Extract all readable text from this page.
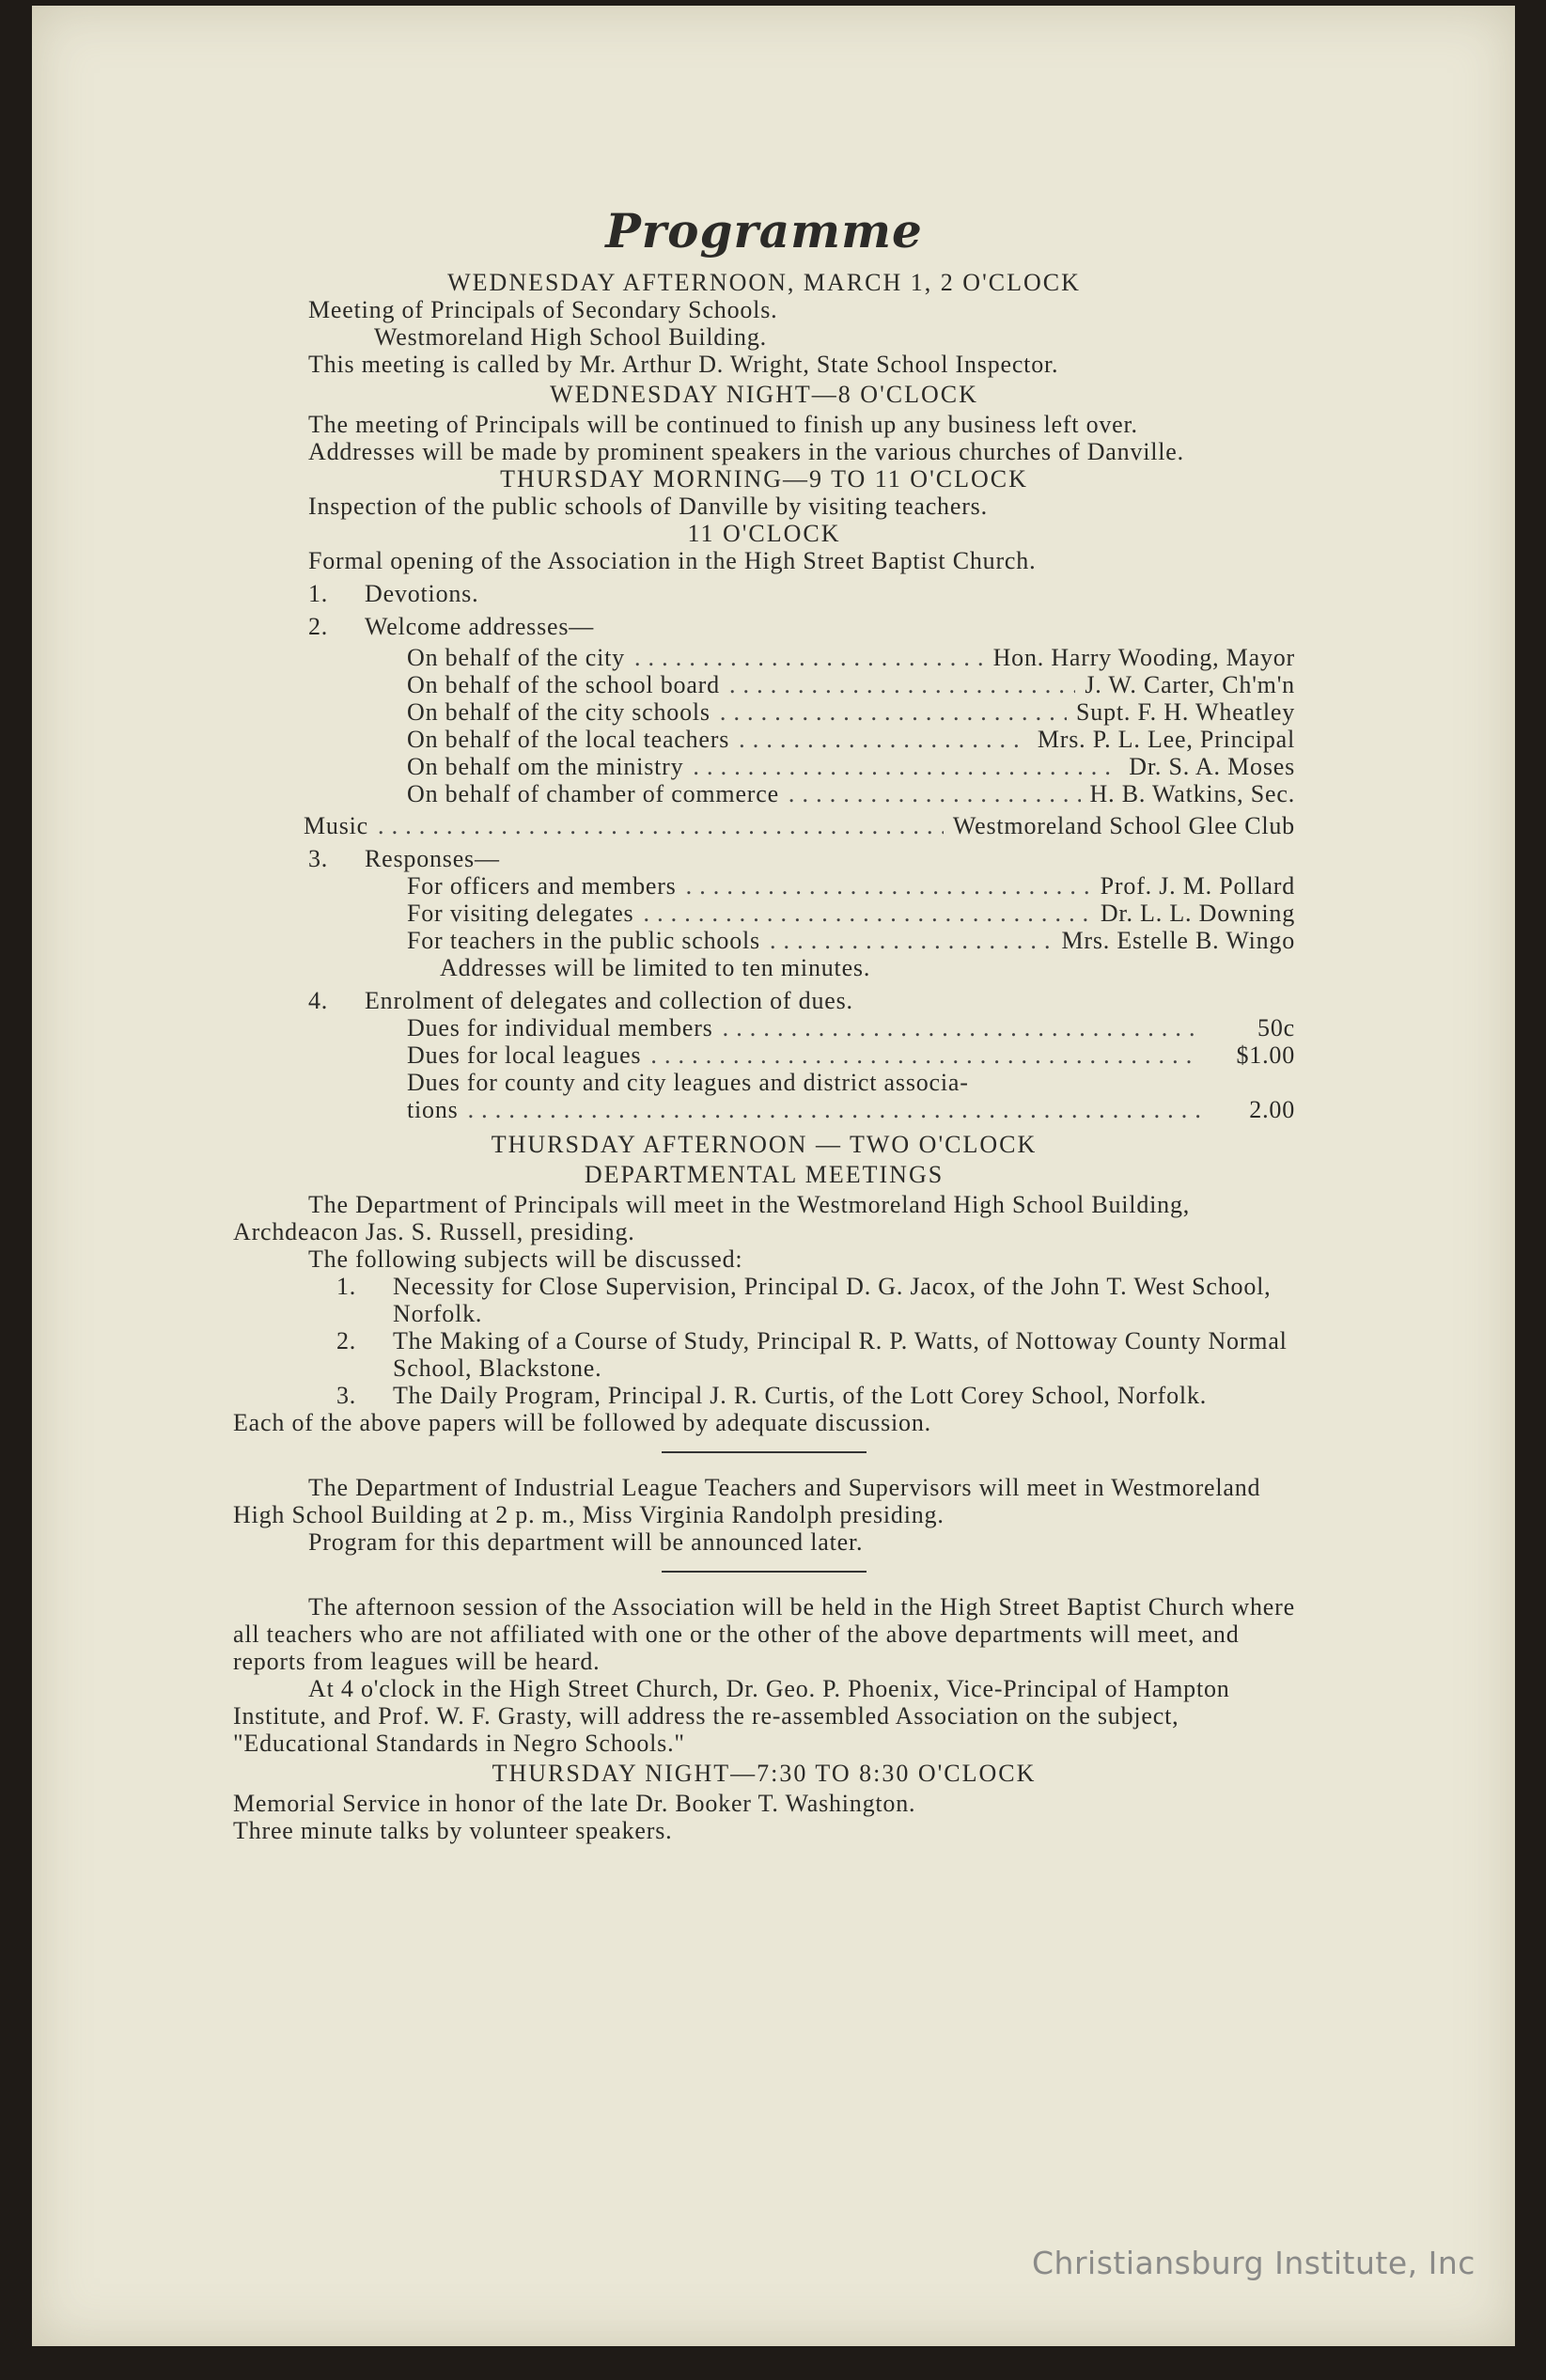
Programme

WEDNESDAY AFTERNOON, MARCH 1, 2 O'CLOCK

Meeting of Principals of Secondary Schools.

Westmoreland High School Building.

This meeting is called by Mr. Arthur D. Wright, State School Inspector.

WEDNESDAY NIGHT—8 O'CLOCK

The meeting of Principals will be continued to finish up any business left over.

Addresses will be made by prominent speakers in the various churches of Danville.

THURSDAY MORNING—9 TO 11 O'CLOCK

Inspection of the public schools of Danville by visiting teachers.

11 O'CLOCK

Formal opening of the Association in the High Street Baptist Church.

1.	Devotions.
2.	Welcome addresses—
On behalf of the city . . .	Hon. Harry Wooding, Mayor
On behalf of the school board . . .	J. W. Carter, Ch'm'n
On behalf of the city schools . . .	Supt. F. H. Wheatley
On behalf of the local teachers . . .	Mrs. P. L. Lee, Principal
On behalf om the ministry . . .	Dr. S. A. Moses
On behalf of chamber of commerce . . .	H. B. Watkins, Sec.
Music . . .	Westmoreland School Glee Club
3.	Responses—
For officers and members . . .	Prof. J. M. Pollard
For visiting delegates . . .	Dr. L. L. Downing
For teachers in the public schools . . .	Mrs. Estelle B. Wingo

Addresses will be limited to ten minutes.

4.	Enrolment of delegates and collection of dues.
Dues for individual members . . .	50c
Dues for local leagues . . .	$1.00

Dues for county and city leagues and district associa-

tions . . .	2.00

THURSDAY AFTERNOON — TWO O'CLOCK

DEPARTMENTAL MEETINGS

The Department of Principals will meet in the Westmoreland High School Building, Archdeacon Jas. S. Russell, presiding.

The following subjects will be discussed:

1.	Necessity for Close Supervision, Principal D. G. Jacox, of the John T. West School, Norfolk.
2.	The Making of a Course of Study, Principal R. P. Watts, of Nottoway County Normal School, Blackstone.
3.	The Daily Program, Principal J. R. Curtis, of the Lott Corey School, Norfolk.

Each of the above papers will be followed by adequate discussion.

The Department of Industrial League Teachers and Supervisors will meet in Westmoreland High School Building at 2 p. m., Miss Virginia Randolph presiding.

Program for this department will be announced later.

The afternoon session of the Association will be held in the High Street Baptist Church where all teachers who are not affiliated with one or the other of the above departments will meet, and reports from leagues will be heard.

At 4 o'clock in the High Street Church, Dr. Geo. P. Phoenix, Vice-Principal of Hampton Institute, and Prof. W. F. Grasty, will address the re-assembled Association on the subject, "Educational Standards in Negro Schools."

THURSDAY NIGHT—7:30 TO 8:30 O'CLOCK

Memorial Service in honor of the late Dr. Booker T. Washington.

Three minute talks by volunteer speakers.

Christiansburg Institute, Inc
